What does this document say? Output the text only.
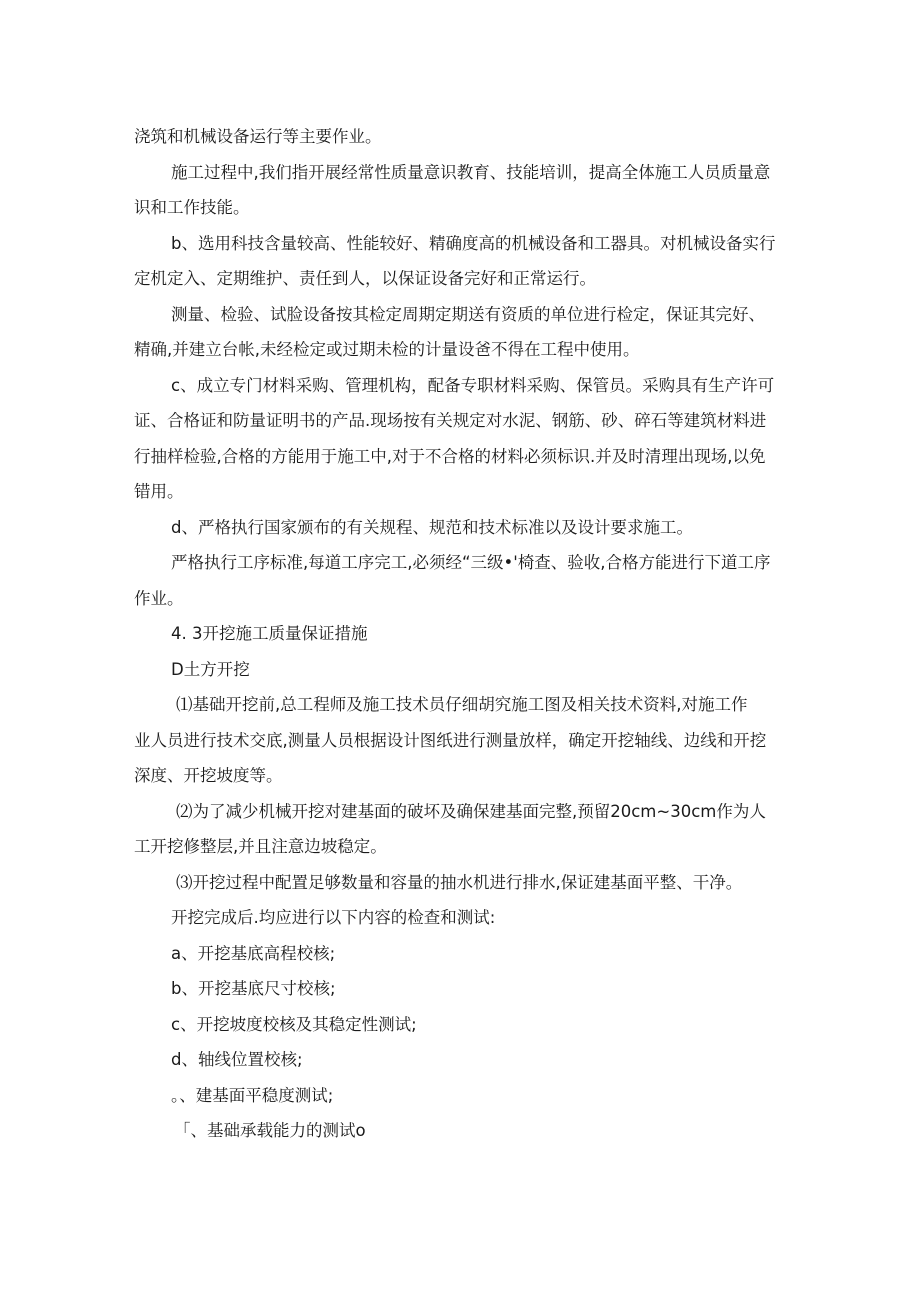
浇筑和机械设备运行等主要作业。
施工过程中,我们指开展经常性质量意识教育、技能培训，提高全体施工人员质量意
识和工作技能。
b、选用科技含量较高、性能较好、精确度高的机械设备和工器具。对机械设备实行
定机定入、定期维护、责任到人，以保证设备完好和正常运行。
测量、检验、试脸设备按其检定周期定期送有资质的单位进行检定，保证其完好、
精确,并建立台帐,未经检定或过期未检的计量设爸不得在工程中使用。
c、成立专门材料采购、管理机构，配备专职材料采购、保管员。采购具有生产许可
证、合格证和防量证明书的产品.现场按有关规定对水泥、钢筋、砂、碎石等建筑材料进
行抽样检验,合格的方能用于施工中,对于不合格的材料必须标识.并及时清理出现场,以免
错用。
d、严格执行国家颁布的有关规程、规范和技术标准以及设计要求施工。
严格执行工序标准,每道工序完工,必须经“三级•'椅查、验收,合格方能进行下道工序
作业。
4. 3开挖施工质量保证措施
D土方开挖
⑴基础开挖前,总工程师及施工技术员仔细胡究施工图及相关技术资料,对施工作
业人员进行技术交底,测量人员根据设计图纸进行测量放样，确定开挖轴线、边线和开挖
深度、开挖坡度等。
⑵为了减少机械开挖对建基面的破坏及确保建基面完整,预留20cm~30cm作为人
工开挖修整层,并且注意边坡稳定。
⑶开挖过程中配置足够数量和容量的抽水机进行排水,保证建基面平整、干净。
开挖完成后.均应进行以下内容的检查和测试:
a、开挖基底高程校核;
b、开挖基底尺寸校核;
c、开挖坡度校核及其稳定性测试;
d、轴线位置校核;
。、建基面平稳度测试;
「、基础承载能力的测试o
